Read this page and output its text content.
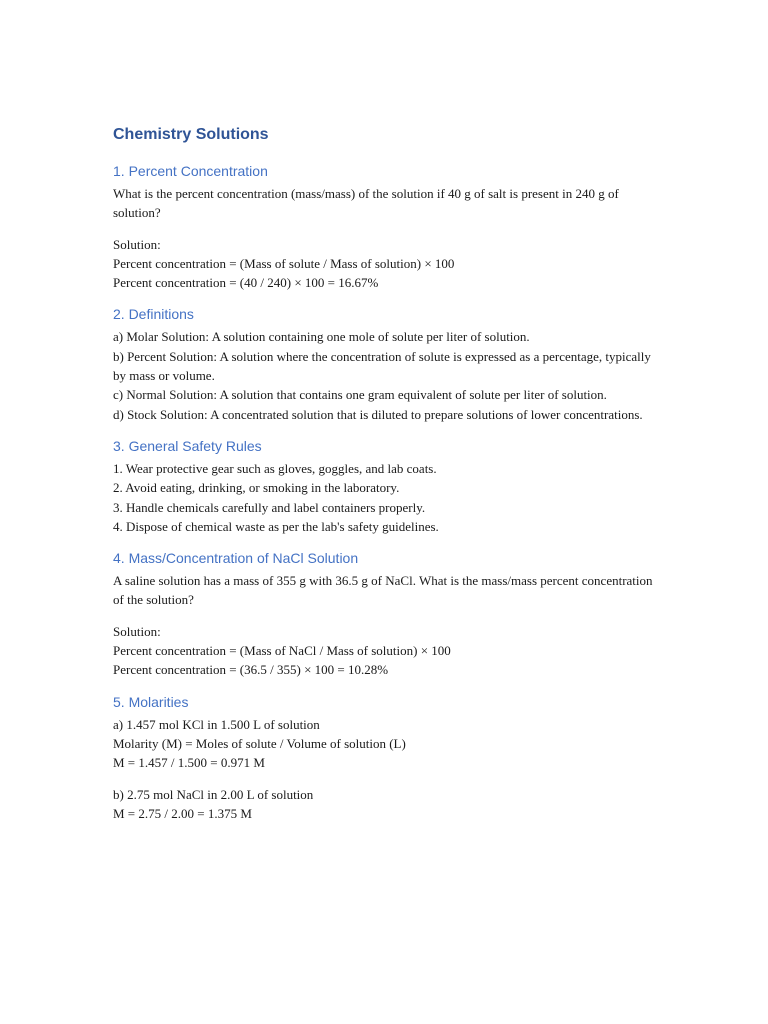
Chemistry Solutions
1. Percent Concentration

What is the percent concentration (mass/mass) of the solution if 40 g of salt is present in 240 g of solution?

Solution:

Percent concentration = (Mass of solute / Mass of solution) × 100

Percent concentration = (40 / 240) × 100 = 16.67%

2. Definitions

a) Molar Solution: A solution containing one mole of solute per liter of solution.

b) Percent Solution: A solution where the concentration of solute is expressed as a percentage, typically by mass or volume.

c) Normal Solution: A solution that contains one gram equivalent of solute per liter of solution.

d) Stock Solution: A concentrated solution that is diluted to prepare solutions of lower concentrations.

3. General Safety Rules

1. Wear protective gear such as gloves, goggles, and lab coats.

2. Avoid eating, drinking, or smoking in the laboratory.

3. Handle chemicals carefully and label containers properly.

4. Dispose of chemical waste as per the lab's safety guidelines.

4. Mass/Concentration of NaCl Solution

A saline solution has a mass of 355 g with 36.5 g of NaCl. What is the mass/mass percent concentration of the solution?

Solution:

Percent concentration = (Mass of NaCl / Mass of solution) × 100

Percent concentration = (36.5 / 355) × 100 = 10.28%

5. Molarities

a) 1.457 mol KCl in 1.500 L of solution

Molarity (M) = Moles of solute / Volume of solution (L)

M = 1.457 / 1.500 = 0.971 M

b) 2.75 mol NaCl in 2.00 L of solution

M = 2.75 / 2.00 = 1.375 M
